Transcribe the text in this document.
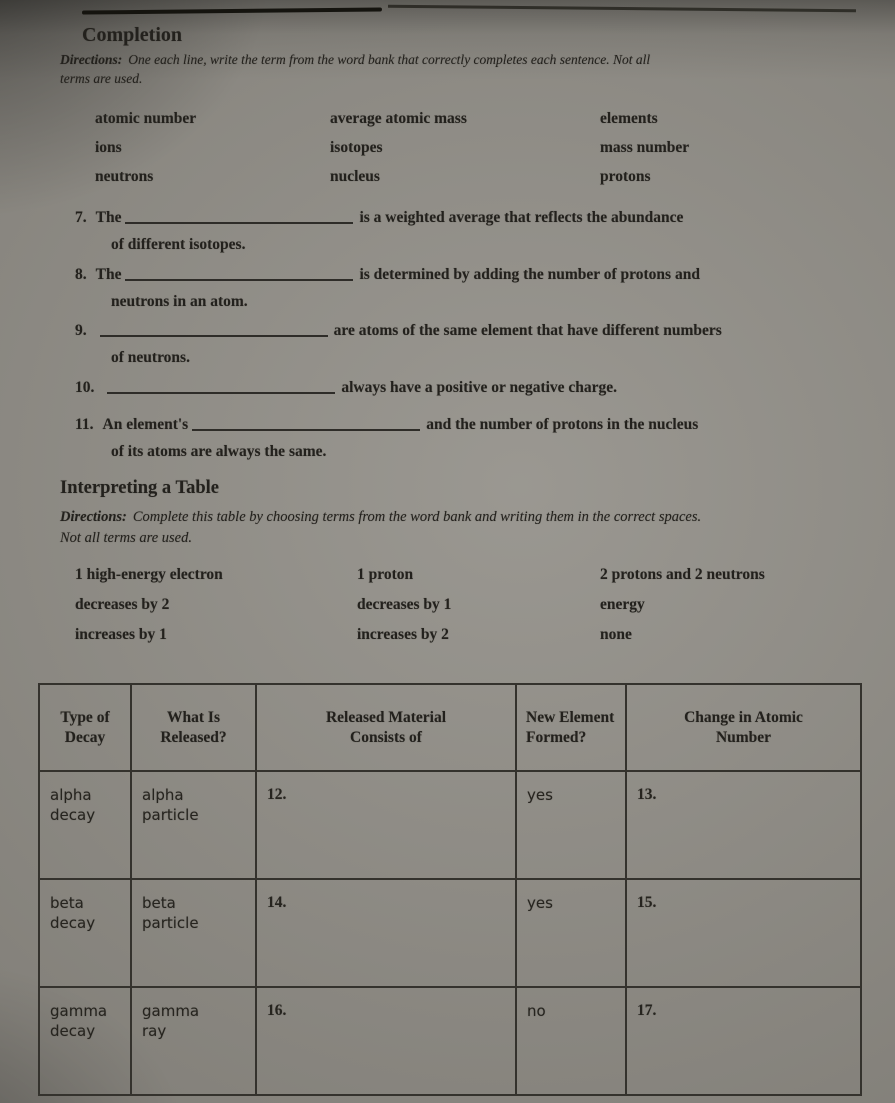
Completion

Directions: One each line, write the term from the word bank that correctly completes each sentence. Not all
terms are used.

atomic number	average atomic mass	elements
ions	isotopes	mass number
neutrons	nucleus	protons

7. The	is a weighted average that reflects the abundance
of different isotopes.

8. The	is determined by adding the number of protons and
neutrons in an atom.

9.	are atoms of the same element that have different numbers
of neutrons.

10.	always have a positive or negative charge.

11. An element's	and the number of protons in the nucleus
of its atoms are always the same.

Interpreting a Table

Directions: Complete this table by choosing terms from the word bank and writing them in the correct spaces.
Not all terms are used.

1 high-energy electron	1 proton	2 protons and 2 neutrons
decreases by 2	decreases by 1	energy
increases by 1	increases by 2	none
Type of Decay	What Is Released?	Released Material Consists of	New Element Formed?	Change in Atomic Number
alpha decay	alpha particle	12.	yes	13.
beta decay	beta particle	14.	yes	15.
gamma decay	gamma ray	16.	no	17.
